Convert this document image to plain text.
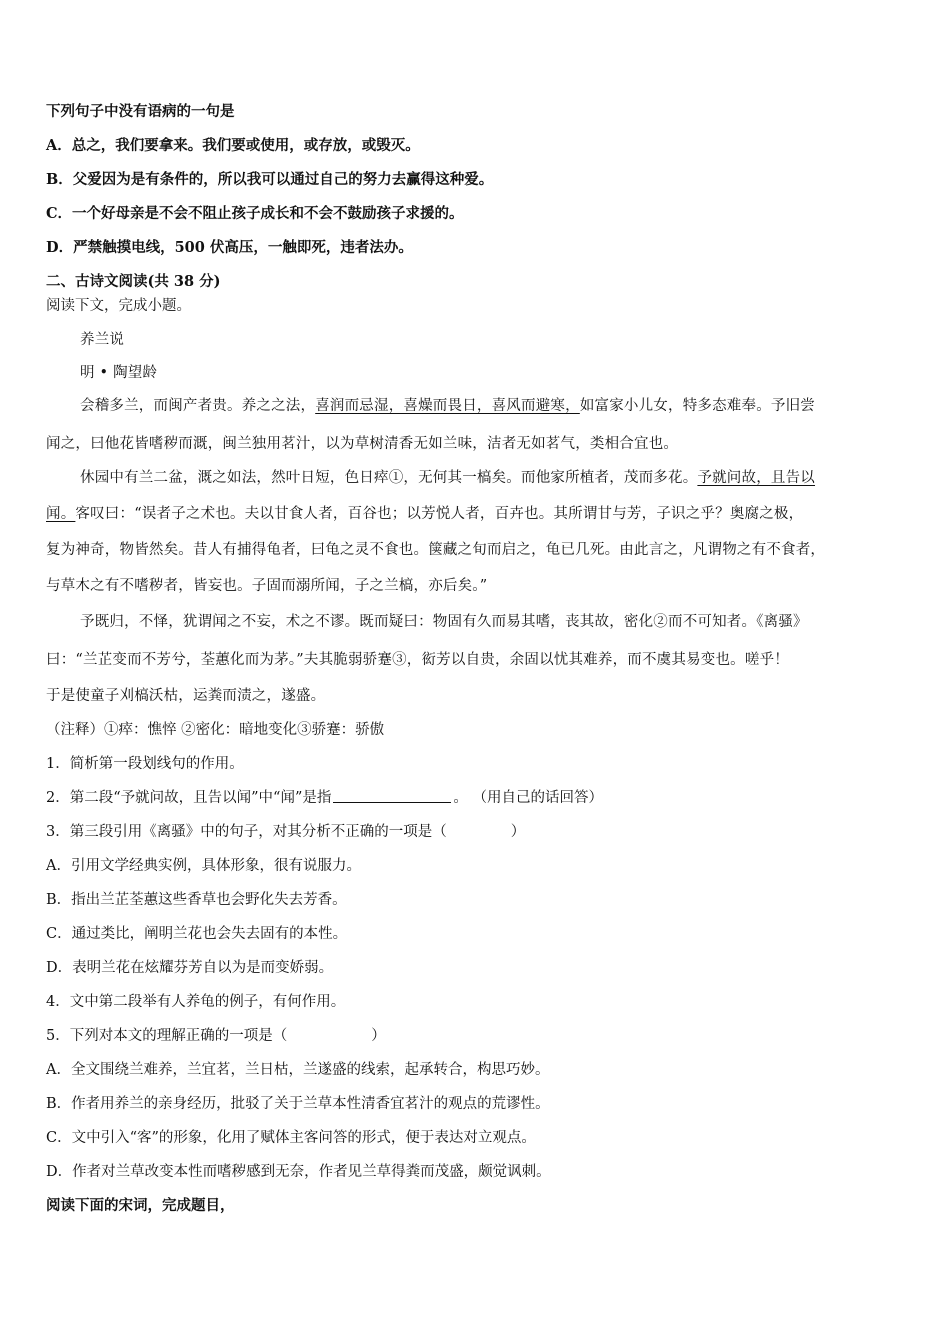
下列句子中没有语病的一句是
A．总之，我们要拿来。我们要或使用，或存放，或毁灭。
B．父爱因为是有条件的，所以我可以通过自己的努力去赢得这种爱。
C．一个好母亲是不会不阻止孩子成长和不会不鼓励孩子求援的。
D．严禁触摸电线，500 伏高压，一触即死，违者法办。
二、古诗文阅读(共 38 分)
阅读下文，完成小题。
养兰说
明 • 陶望龄
会稽多兰，而闽产者贵。养之之法，喜润而忌湿，喜燥而畏日，喜风而避寒，如富家小儿女，特多态难奉。予旧尝
闻之，曰他花皆嗜秽而溉，闽兰独用茗汁，以为草树清香无如兰味，洁者无如茗气，类相合宜也。
休园中有兰二盆，溉之如法，然叶日短，色日瘁①，无何其一槁矣。而他家所植者，茂而多花。予就问故，且告以
闻。客叹曰：“误者子之术也。夫以甘食人者，百谷也；以芳悦人者，百卉也。其所谓甘与芳，子识之乎？奥腐之极，
复为神奇，物皆然矣。昔人有捕得龟者，曰龟之灵不食也。箧藏之旬而启之，龟已几死。由此言之，凡谓物之有不食者，
与草木之有不嗜秽者，皆妄也。子固而溺所闻，子之兰槁，亦后矣。”
予既归，不怿，犹谓闻之不妄，术之不谬。既而疑曰：物固有久而易其嗜，丧其故，密化②而不可知者。《离骚》
曰：“兰芷变而不芳兮，荃蕙化而为茅。”夫其脆弱骄蹇③，衒芳以自贵，余固以忧其难养，而不虞其易变也。嗟乎！
于是使童子刈槁沃枯，运粪而渍之，遂盛。
（注释）①瘁：憔悴 ②密化：暗地变化③骄蹇：骄傲
1．简析第一段划线句的作用。
2．第二段“予就问故，且告以闻”中“闻”是指	。 （用自己的话回答）
3．第三段引用《离骚》中的句子，对其分析不正确的一项是（	）
A．引用文学经典实例，具体形象，很有说服力。
B．指出兰芷荃蕙这些香草也会野化失去芳香。
C．通过类比，阐明兰花也会失去固有的本性。
D．表明兰花在炫耀芬芳自以为是而变娇弱。
4．文中第二段举有人养龟的例子，有何作用。
5．下列对本文的理解正确的一项是（	）
A．全文围绕兰难养，兰宜茗，兰日枯，兰遂盛的线索，起承转合，构思巧妙。
B．作者用养兰的亲身经历，批驳了关于兰草本性清香宜茗汁的观点的荒谬性。
C．文中引入“客”的形象，化用了赋体主客问答的形式，便于表达对立观点。
D．作者对兰草改变本性而嗜秽感到无奈，作者见兰草得粪而茂盛，颇觉讽刺。
阅读下面的宋词，完成题目，
